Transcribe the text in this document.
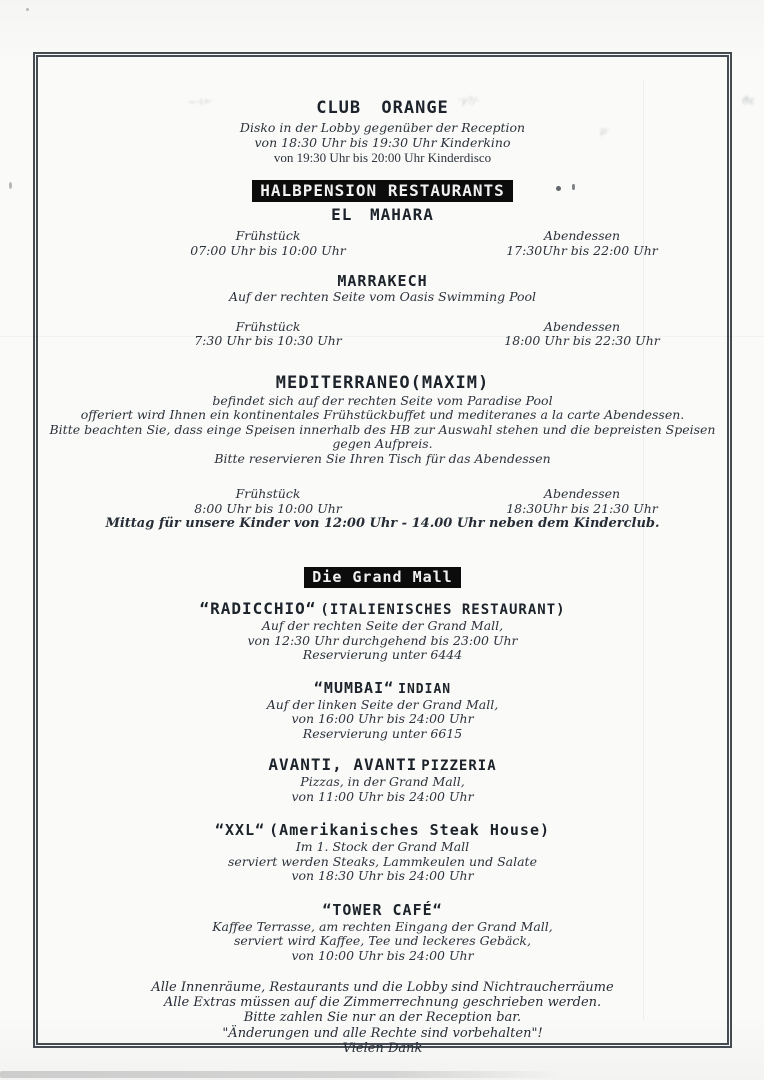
CLUB ORANGE
Disko in der Lobby gegenüber der Reception
von 18:30 Uhr bis 19:30 Uhr Kinderkino
von 19:30 Uhr bis 20:00 Uhr Kinderdisco
HALBPENSION RESTAURANTS
EL MAHARA
Frühstück
07:00 Uhr bis 10:00 Uhr
Abendessen
17:30Uhr bis 22:00 Uhr
MARRAKECH
Auf der rechten Seite vom Oasis Swimming Pool
Frühstück
7:30 Uhr bis 10:30 Uhr
Abendessen
18:00 Uhr bis 22:30 Uhr
MEDITERRANEO(MAXIM)
befindet sich auf der rechten Seite vom Paradise Pool
offeriert wird Ihnen ein kontinentales Frühstückbuffet und mediteranes a la carte Abendessen.
Bitte beachten Sie, dass einge Speisen innerhalb des HB zur Auswahl stehen und die bepreisten Speisen gegen Aufpreis.
Bitte reservieren Sie Ihren Tisch für das Abendessen
Frühstück
8:00 Uhr bis 10:00 Uhr
Abendessen
18:30Uhr bis 21:30 Uhr
Mittag für unsere Kinder von 12:00 Uhr - 14.00 Uhr neben dem Kinderclub.
Die Grand Mall
“RADICCHIO“ (ITALIENISCHES RESTAURANT)
Auf der rechten Seite der Grand Mall,
von 12:30 Uhr durchgehend bis 23:00 Uhr
Reservierung unter 6444
“MUMBAI“ INDIAN
Auf der linken Seite der Grand Mall,
von 16:00 Uhr bis 24:00 Uhr
Reservierung unter 6615
AVANTI, AVANTI PIZZERIA
Pizzas, in der Grand Mall,
von 11:00 Uhr bis 24:00 Uhr
“XXL“ (Amerikanisches Steak House)
Im 1. Stock der Grand Mall
serviert werden Steaks, Lammkeulen und Salate
von 18:30 Uhr bis 24:00 Uhr
“TOWER CAFÉ“
Kaffee Terrasse, am rechten Eingang der Grand Mall,
serviert wird Kaffee, Tee und leckeres Gebäck,
von 10:00 Uhr bis 24:00 Uhr
Alle Innenräume, Restaurants und die Lobby sind Nichtraucherräume
Alle Extras müssen auf die Zimmerrechnung geschrieben werden.
Bitte zahlen Sie nur an der Reception bar.
"Änderungen und alle Rechte sind vorbehalten"!
Vielen Dank
~·ι»·	·γ?/·
μ·
ϑε
